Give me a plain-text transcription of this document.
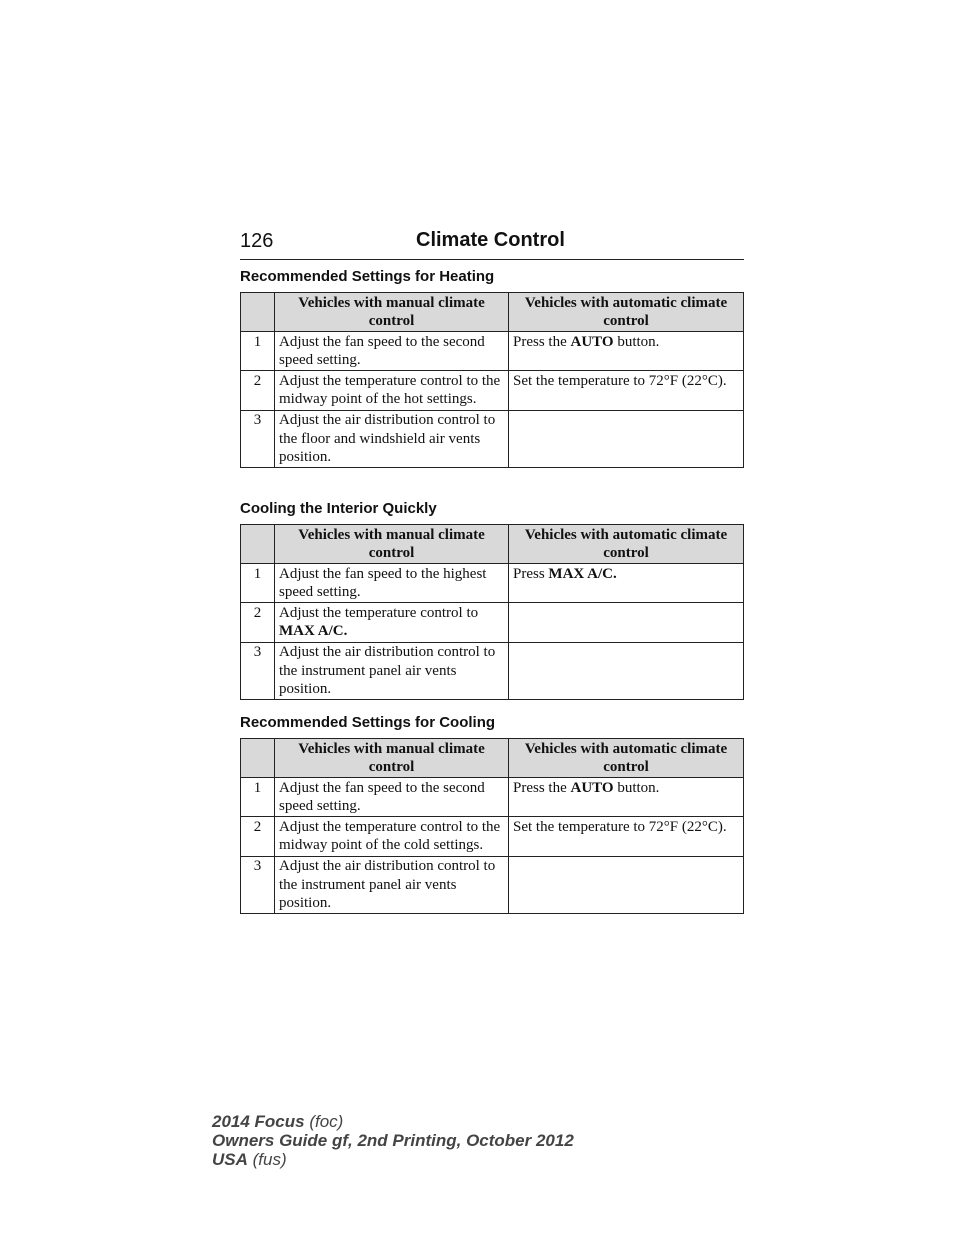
126	Climate Control
Recommended Settings for Heating
	Vehicles with manual climate control	Vehicles with automatic climate control
1	Adjust the fan speed to the second speed setting.	Press the AUTO button.
2	Adjust the temperature control to the midway point of the hot settings.	Set the temperature to 72°F (22°C).
3	Adjust the air distribution control to the floor and windshield air vents position.	
Cooling the Interior Quickly
	Vehicles with manual climate control	Vehicles with automatic climate control
1	Adjust the fan speed to the highest speed setting.	Press MAX A/C.
2	Adjust the temperature control to MAX A/C.	
3	Adjust the air distribution control to the instrument panel air vents position.	
Recommended Settings for Cooling
	Vehicles with manual climate control	Vehicles with automatic climate control
1	Adjust the fan speed to the second speed setting.	Press the AUTO button.
2	Adjust the temperature control to the midway point of the cold settings.	Set the temperature to 72°F (22°C).
3	Adjust the air distribution control to the instrument panel air vents position.	
2014 Focus (foc)
Owners Guide gf, 2nd Printing, October 2012
USA (fus)
